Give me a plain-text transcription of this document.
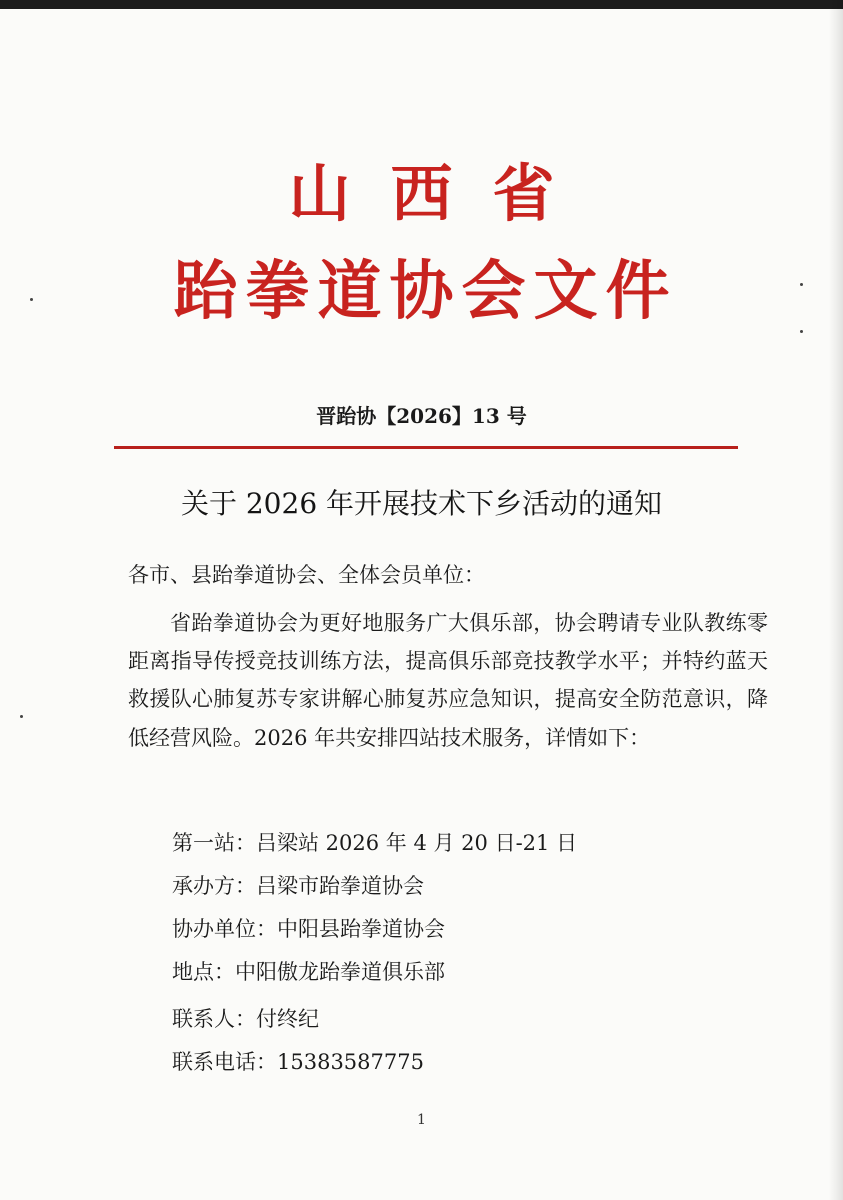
山西省
跆拳道协会文件
晋跆协【2026】13 号
关于 2026 年开展技术下乡活动的通知
各市、县跆拳道协会、全体会员单位：
省跆拳道协会为更好地服务广大俱乐部，协会聘请专业队教练零距离指导传授竞技训练方法，提高俱乐部竞技教学水平；并特约蓝天救援队心肺复苏专家讲解心肺复苏应急知识，提高安全防范意识，降低经营风险。2026 年共安排四站技术服务，详情如下：
第一站：吕梁站 2026 年 4 月 20 日-21 日
承办方：吕梁市跆拳道协会
协办单位：中阳县跆拳道协会
地点：中阳傲龙跆拳道俱乐部
联系人：付终纪
联系电话：15383587775
1
